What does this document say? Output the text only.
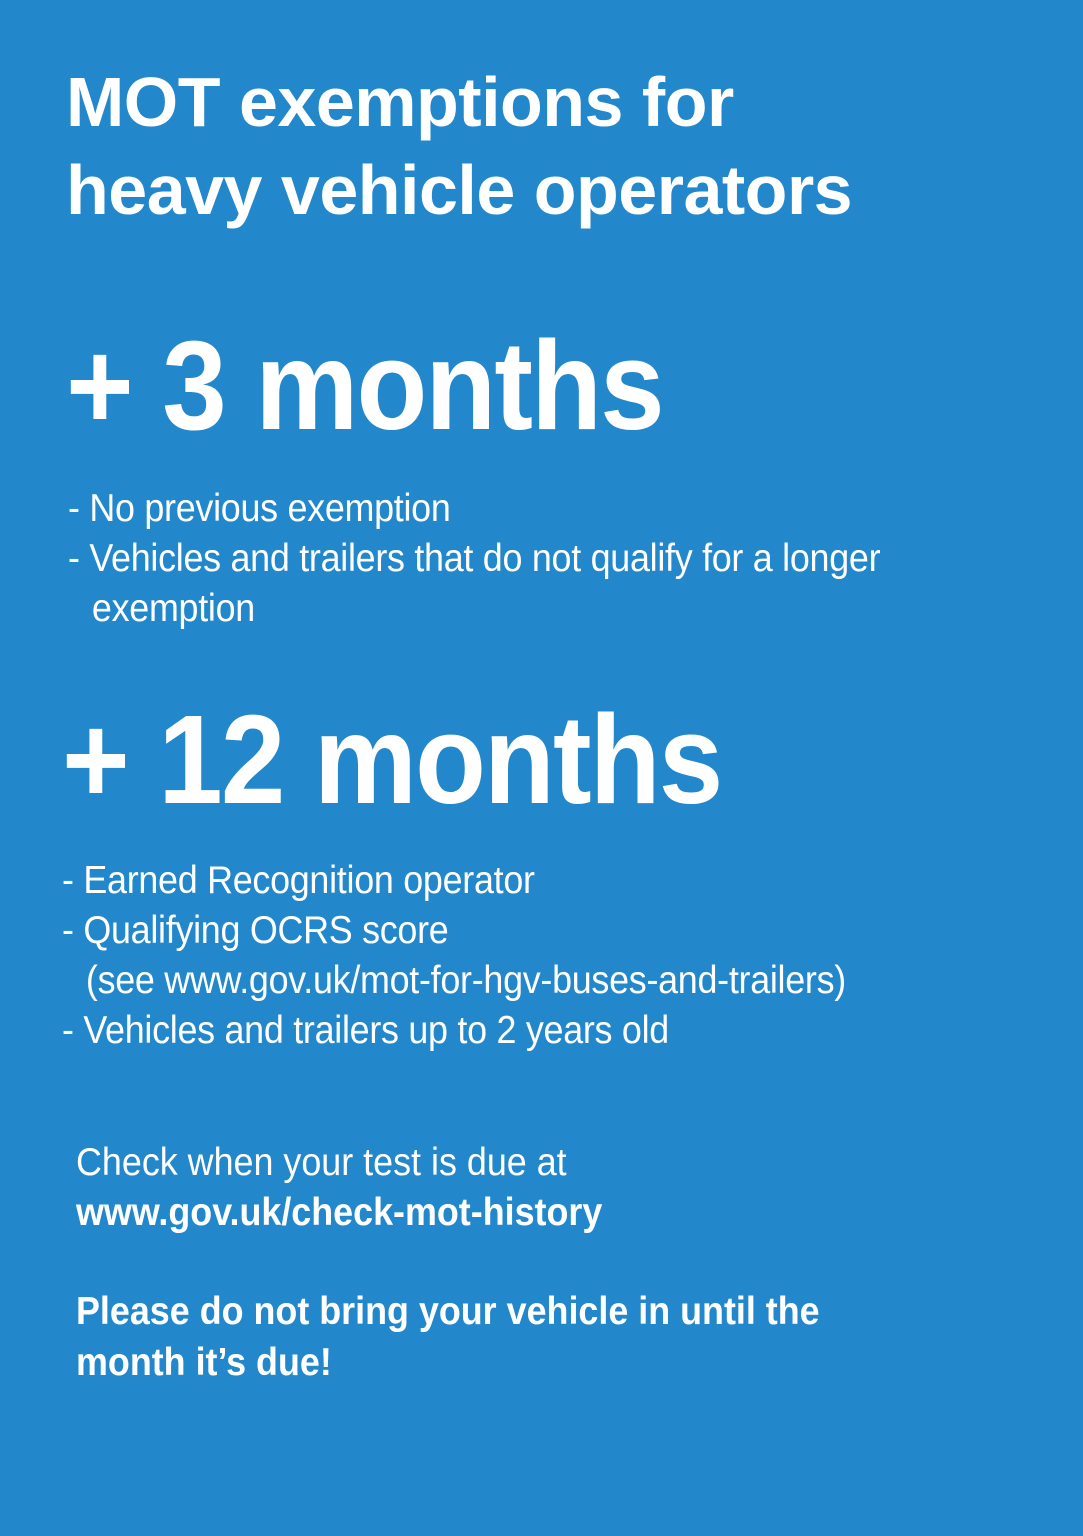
MOT exemptions for
heavy vehicle operators
+ 3 months
- No previous exemption
- Vehicles and trailers that do not qualify for a longer
exemption
+ 12 months
- Earned Recognition operator
- Qualifying OCRS score
(see www.gov.uk/mot-for-hgv-buses-and-trailers)
- Vehicles and trailers up to 2 years old
Check when your test is due at
www.gov.uk/check-mot-history
Please do not bring your vehicle in until the
month it’s due!
